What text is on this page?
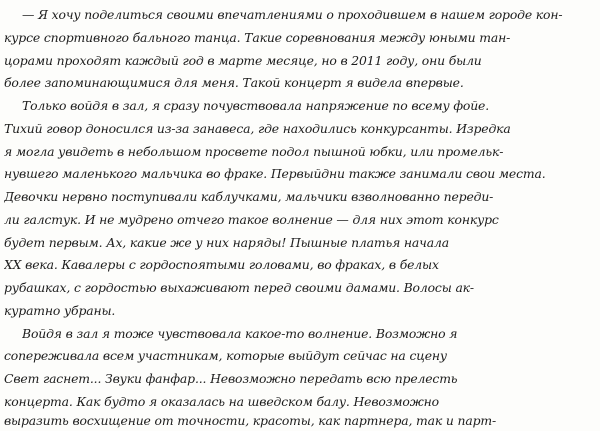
— Я хочу поделиться своими впечатлениями о проходившем в нашем городе кон-
курсе спортивного бального танца. Такие соревнования между юными тан-
цорами проходят каждый год в марте месяце, но в 2011 году, они были
более запоминающимися для меня. Такой концерт я видела впервые.
Только войдя в зал, я сразу почувствовала напряжение по всему фойе.
Тихий говор доносился из-за занавеса, где находились конкурсанты. Изредка
я могла увидеть в небольшом просвете подол пышной юбки, или промельк-
нувшего маленького мальчика во фраке. Первыйдни также занимали свои места.
Девочки нервно поступивали каблучками, мальчики взволнованно переди-
ли галстук. И не мудрено отчего такое волнение — для них этот конкурс
будет первым. Ах, какие же у них наряды! Пышные платья начала
XX века. Кавалеры с гордоспоятыми головами, во фраках, в белых
рубашках, с гордостью выхаживают перед своими дамами. Волосы ак-
куратно убраны.
Войдя в зал я тоже чувствовала какое-то волнение. Возможно я
сопереживала всем участникам, которые выйдут сейчас на сцену
Свет гаснет... Звуки фанфар... Невозможно передать всю прелесть
концерта. Как будто я оказалась на шведском балу. Невозможно
выразить восхищение от точности, красоты, как партнера, так и парт-
